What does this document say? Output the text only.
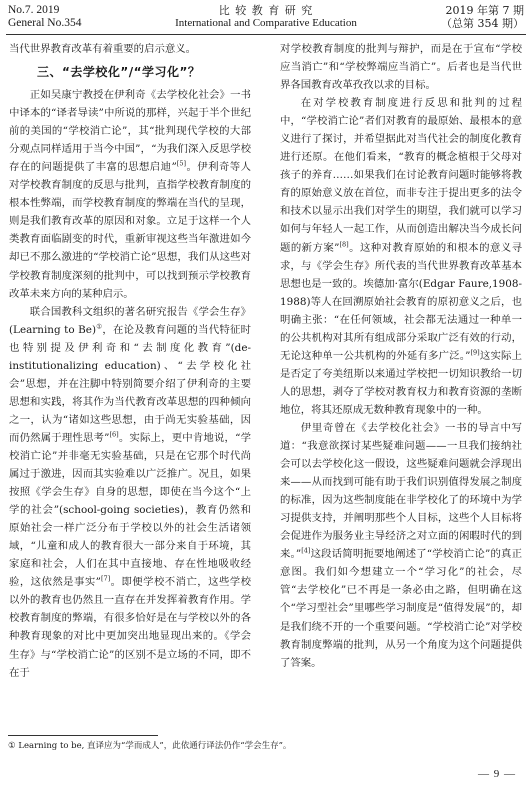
No.7. 2019
General No.354
比 较 教 育 研 究
International and Comparative Education
2019 年第 7 期
（总第 354 期）

当代世界教育改革有着重要的启示意义。

三、“去学校化”/“学习化”？

正如吴康宁教授在伊利奇《去学校化社会》一书中译本的“译者导读”中所说的那样，兴起于半个世纪前的美国的“学校消亡论”，其“批判现代学校的大部分观点同样适用于当今中国”，“为我们深入反思学校存在的问题提供了丰富的思想启迪”[5]。伊利奇等人对学校教育制度的反思与批判，直指学校教育制度的根本性弊端，而学校教育制度的弊端在当代的呈现，则是我们教育改革的原因和对象。立足于这样一个人类教育面临剧变的时代，重新审视这些当年激进如今却已不那么激进的“学校消亡论”思想，我们从这些对学校教育制度深刻的批判中，可以找到预示学校教育改革未来方向的某种启示。

联合国教科文组织的著名研究报告《学会生存》(Learning to Be)①，在论及教育问题的当代特征时也特别提及伊利奇和“去制度化教育”(de-institutionalizing education)、“去学校化社会”思想，并在注脚中特别简要介绍了伊利奇的主要思想和实践，将其作为当代教育改革思想的四种倾向之一，认为“诸如这些思想，由于尚无实验基础，因而仍然属于理性思考”[6]。实际上，更中肯地说，“学校消亡论”并非毫无实验基础，只是在它那个时代尚属过于激进，因而其实验难以广泛推广。况且，如果按照《学会生存》自身的思想，即使在当今这个“上学的社会”(school-going societies)，教育仍然和原始社会一样广泛分布于学校以外的社会生活诸领域，“儿童和成人的教育很大一部分来自于环境，其家庭和社会，人们在其中直接地、存在性地吸收经验，这依然是事实”[7]。即便学校不消亡，这些学校以外的教育也仍然且一直存在并发挥着教育作用。学校教育制度的弊端，有很多恰好是在与学校以外的各种教育现象的对比中更加突出地显现出来的。《学会生存》与“学校消亡论”的区别不是立场的不同，即不在于

对学校教育制度的批判与辩护，而是在于宣布“学校应当消亡”和“学校弊端应当消亡”。后者也是当代世界各国教育改革孜孜以求的目标。

在对学校教育制度进行反思和批判的过程中，“学校消亡论”者们对教育的最原始、最根本的意义进行了探讨，并希望据此对当代社会的制度化教育进行还原。在他们看来，“教育的概念植根于父母对孩子的养育……如果我们在讨论教育问题时能够将教育的原始意义放在首位，而非专注于提出更多的法令和技术以显示出我们对学生的期望，我们就可以学习如何与年轻人一起工作，从而创造出解决当今成长问题的新方案”[8]。这种对教育原始的和根本的意义寻求，与《学会生存》所代表的当代世界教育改革基本思想也是一致的。埃德加·富尔(Edgar Faure,1908-1988)等人在回溯原始社会教育的原初意义之后，也明确主张：“在任何领域，社会都无法通过一种单一的公共机构对其所有组成部分采取广泛有效的行动，无论这种单一公共机构的外延有多广泛。”[9]这实际上是否定了夸美纽斯以来通过学校把一切知识教给一切人的思想，剥夺了学校对教育权力和教育资源的垄断地位，将其还原成无数种教育现象中的一种。

伊里奇曾在《去学校化社会》一书的导言中写道：“我意欲探讨某些疑难问题——一旦我们接纳社会可以去学校化这一假设，这些疑难问题就会浮现出来——从而找到可能有助于我们识别值得发展之制度的标准，因为这些制度能在非学校化了的环境中为学习提供支持，并阐明那些个人目标，这些个人目标将会促进作为服务业主导经济之对立面的闲暇时代的到来。”[4]这段话简明扼要地阐述了“学校消亡论”的真正意图。我们如今想建立一个“学习化”的社会，尽管“去学校化”已不再是一条必由之路，但明确在这个“学习型社会”里哪些学习制度是“值得发展”的，却是我们绕不开的一个重要问题。“学校消亡论”对学校教育制度弊端的批判，从另一个角度为这个问题提供了答案。

① Learning to be, 直译应为“学而成人”，此依通行译法仍作“学会生存”。
— 9 —
